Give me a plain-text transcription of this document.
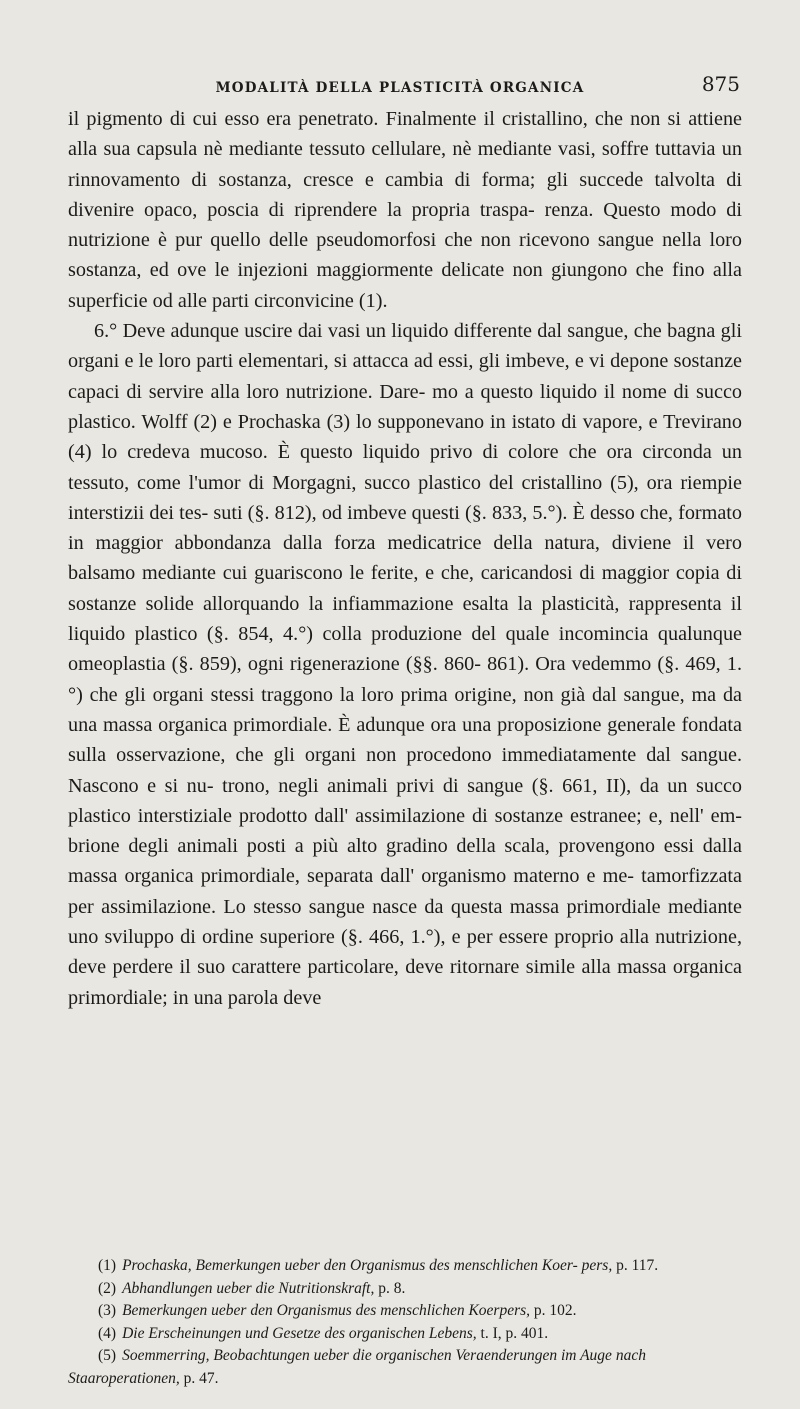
MODALITÀ DELLA PLASTICITÀ ORGANICA	875

il pigmento di cui esso era penetrato. Finalmente il cristallino, che non si attiene alla sua capsula nè mediante tessuto cellulare, nè mediante vasi, soffre tuttavia un rinnovamento di sostanza, cresce e cambia di forma; gli succede talvolta di divenire opaco, poscia di riprendere la propria traspa- renza. Questo modo di nutrizione è pur quello delle pseudomorfosi che non ricevono sangue nella loro sostanza, ed ove le injezioni maggiormente delicate non giungono che fino alla superficie od alle parti circonvicine (1).

6.° Deve adunque uscire dai vasi un liquido differente dal sangue, che bagna gli organi e le loro parti elementari, si attacca ad essi, gli imbeve, e vi depone sostanze capaci di servire alla loro nutrizione. Dare- mo a questo liquido il nome di succo plastico. Wolff (2) e Prochaska (3) lo supponevano in istato di vapore, e Treviranо (4) lo credeva mucoso. È questo liquido privo di colore che ora circonda un tessuto, come l'umor di Morgagni, succo plastico del cristallino (5), ora riempie interstizii dei tes- suti (§. 812), od imbeve questi (§. 833, 5.°). È desso che, formato in maggior abbondanza dalla forza medicatrice della natura, diviene il vero balsamo mediante cui guariscono le ferite, e che, caricandosi di maggior copia di sostanze solide allorquando la infiammazione esalta la plasticità, rappresenta il liquido plastico (§. 854, 4.°) colla produzione del quale incomincia qualunque omeoplastia (§. 859), ogni rigenerazione (§§. 860- 861). Ora vedemmo (§. 469, 1.°) che gli organi stessi traggono la loro prima origine, non già dal sangue, ma da una massa organica primordiale. È adunque ora una proposizione generale fondata sulla osservazione, che gli organi non procedono immediatamente dal sangue. Nascono e si nu- trono, negli animali privi di sangue (§. 661, II), da un succo plastico interstiziale prodotto dall' assimilazione di sostanze estranee; e, nell' em- brione degli animali posti a più alto gradino della scala, provengono essi dalla massa organica primordiale, separata dall' organismo materno e me- tamorfizzata per assimilazione. Lo stesso sangue nasce da questa massa primordiale mediante uno sviluppo di ordine superiore (§. 466, 1.°), e per essere proprio alla nutrizione, deve perdere il suo carattere particolare, deve ritornare simile alla massa organica primordiale; in una parola deve

(1) Prochaska, Bemerkungen ueber den Organismus des menschlichen Koer- pers, p. 117.

(2) Abhandlungen ueber die Nutritionskraft, p. 8.

(3) Bemerkungen ueber den Organismus des menschlichen Koerpers, p. 102.

(4) Die Erscheinungen und Gesetze des organischen Lebens, t. I, p. 401.

(5) Soemmerring, Beobachtungen ueber die organischen Veraenderungen im Auge nach Staaroperationen, p. 47.
